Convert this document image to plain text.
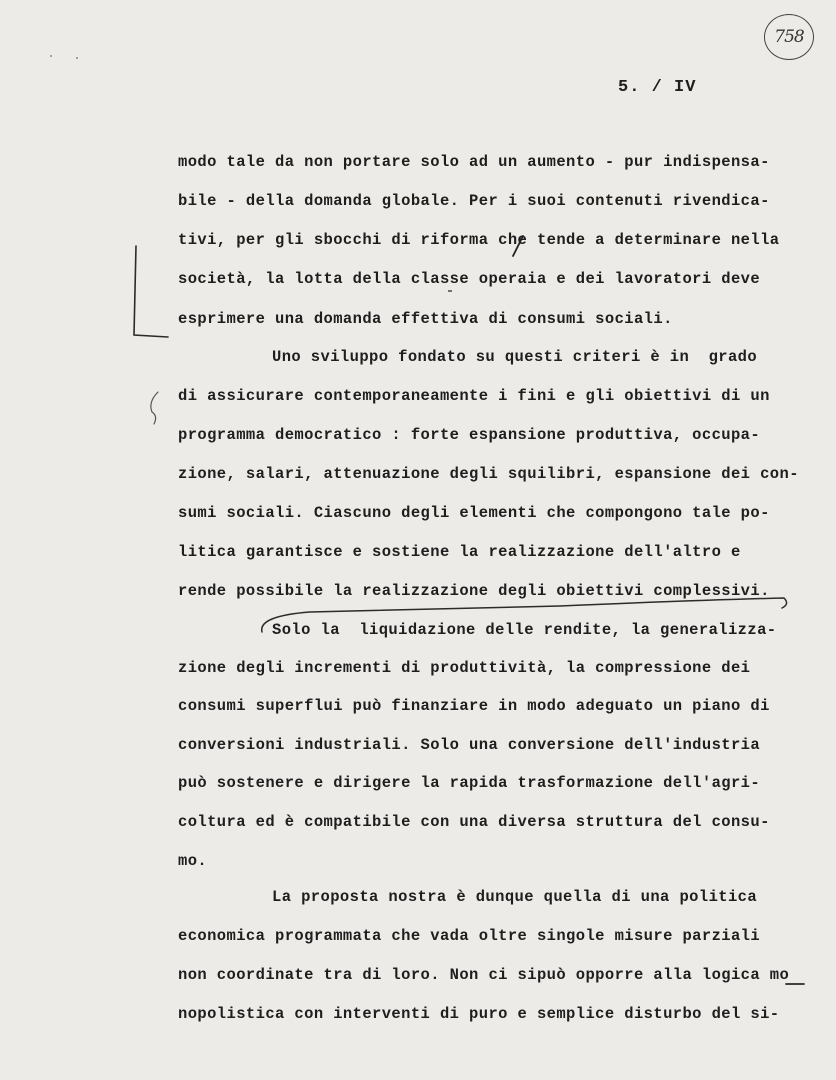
758
5. / IV
modo tale da non portare solo ad un aumento - pur indispensa-
bile - della domanda globale. Per i suoi contenuti rivendica-
tivi, per gli sbocchi di riforma che tende a determinare nella
società, la lotta della classe operaia e dei lavoratori deve
esprimere una domanda effettiva di consumi sociali.
Uno sviluppo fondato su questi criteri è in  grado
di assicurare contemporaneamente i fini e gli obiettivi di un
programma democratico : forte espansione produttiva, occupa-
zione, salari, attenuazione degli squilibri, espansione dei con-
sumi sociali. Ciascuno degli elementi che compongono tale po-
litica garantisce e sostiene la realizzazione dell'altro e
rende possibile la realizzazione degli obiettivi complessivi.
Solo la  liquidazione delle rendite, la generalizza-
zione degli incrementi di produttività, la compressione dei
consumi superflui può finanziare in modo adeguato un piano di
conversioni industriali. Solo una conversione dell'industria
può sostenere e dirigere la rapida trasformazione dell'agri-
coltura ed è compatibile con una diversa struttura del consu-
mo.
La proposta nostra è dunque quella di una politica
economica programmata che vada oltre singole misure parziali
non coordinate tra di loro. Non ci sipuò opporre alla logica mo
nopolistica con interventi di puro e semplice disturbo del si-
